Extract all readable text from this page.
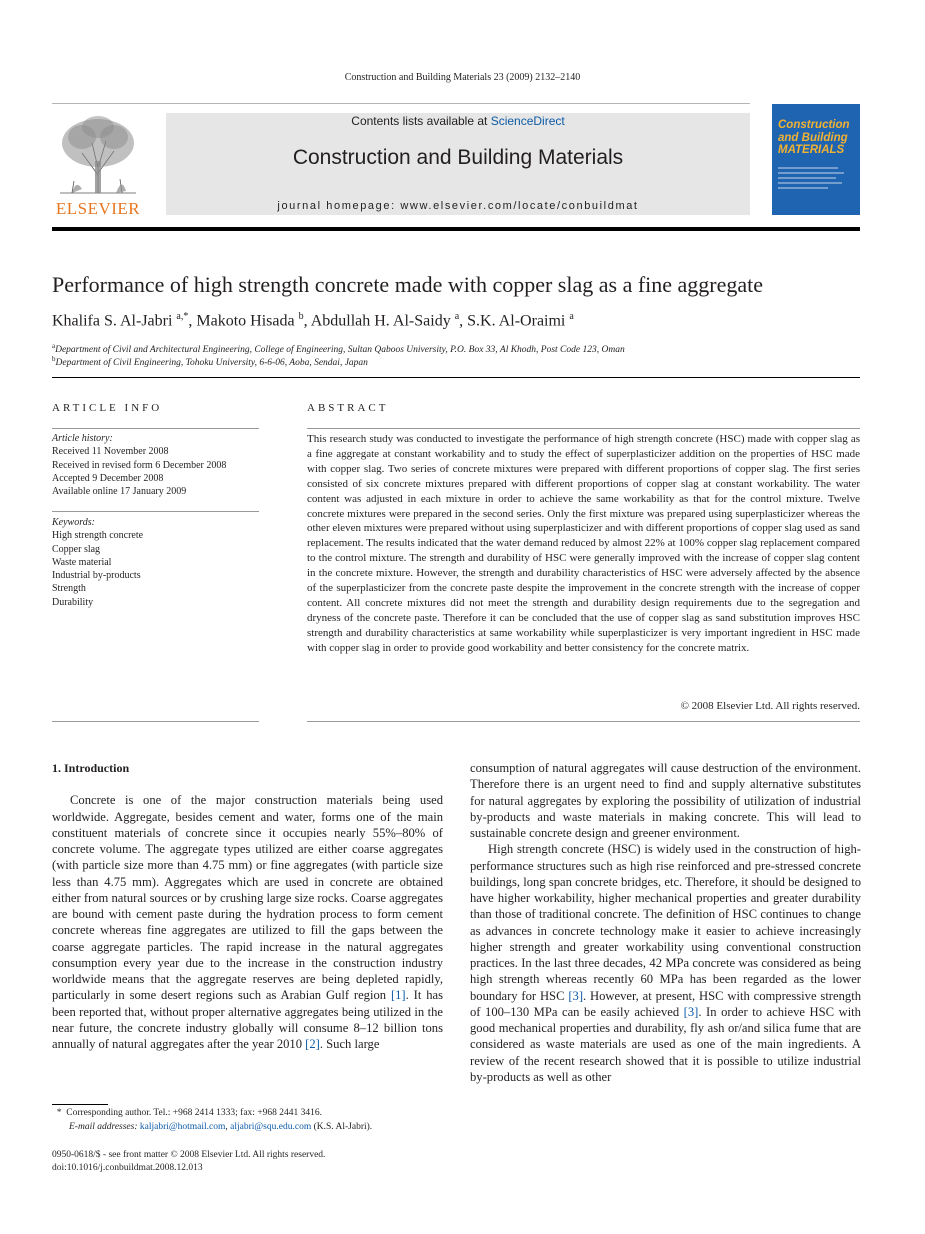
Construction and Building Materials 23 (2009) 2132–2140
ELSEVIER
Contents lists available at ScienceDirect
Construction and Building Materials
journal homepage: www.elsevier.com/locate/conbuildmat
Construction and Building MATERIALS
Performance of high strength concrete made with copper slag as a fine aggregate
Khalifa S. Al-Jabri $^{a,*}$, Makoto Hisada $^b$, Abdullah H. Al-Saidy $^a$, S.K. Al-Oraimi $^a$
$^a$Department of Civil and Architectural Engineering, College of Engineering, Sultan Qaboos University, P.O. Box 33, Al Khodh, Post Code 123, Oman
$^b$Department of Civil Engineering, Tohoku University, 6-6-06, Aoba, Sendai, Japan
ARTICLE INFO
Article history:
Received 11 November 2008
Received in revised form 6 December 2008
Accepted 9 December 2008
Available online 17 January 2009
Keywords:
High strength concrete
Copper slag
Waste material
Industrial by-products
Strength
Durability
ABSTRACT
This research study was conducted to investigate the performance of high strength concrete (HSC) made with copper slag as a fine aggregate at constant workability and to study the effect of superplasticizer addition on the properties of HSC made with copper slag. Two series of concrete mixtures were prepared with different proportions of copper slag. The first series consisted of six concrete mixtures prepared with different proportions of copper slag at constant workability. The water content was adjusted in each mixture in order to achieve the same workability as that for the control mixture. Twelve concrete mixtures were prepared in the second series. Only the first mixture was prepared using superplasticizer whereas the other eleven mixtures were prepared without using superplasticizer and with different proportions of copper slag used as sand replacement. The results indicated that the water demand reduced by almost 22% at 100% copper slag replacement compared to the control mixture. The strength and durability of HSC were generally improved with the increase of copper slag content in the concrete mixture. However, the strength and durability characteristics of HSC were adversely affected by the absence of the superplasticizer from the concrete paste despite the improvement in the concrete strength with the increase of copper content. All concrete mixtures did not meet the strength and durability design requirements due to the segregation and dryness of the concrete paste. Therefore it can be concluded that the use of copper slag as sand substitution improves HSC strength and durability characteristics at same workability while superplasticizer is very important ingredient in HSC made with copper slag in order to provide good workability and better consistency for the concrete matrix.
© 2008 Elsevier Ltd. All rights reserved.

1. Introduction

Concrete is one of the major construction materials being used worldwide. Aggregate, besides cement and water, forms one of the main constituent materials of concrete since it occupies nearly 55%–80% of concrete volume. The aggregate types utilized are either coarse aggregates (with particle size more than 4.75 mm) or fine aggregates (with particle size less than 4.75 mm). Aggregates which are used in concrete are obtained either from natural sources or by crushing large size rocks. Coarse aggregates are bound with cement paste during the hydration process to form cement concrete whereas fine aggregates are utilized to fill the gaps between the coarse aggregate particles. The rapid increase in the natural aggregates consumption every year due to the increase in the construction industry worldwide means that the aggregate reserves are being depleted rapidly, particularly in some desert regions such as Arabian Gulf region [1]. It has been reported that, without proper alternative aggregates being utilized in the near future, the concrete industry globally will consume 8–12 billion tons annually of natural aggregates after the year 2010 [2]. Such large

consumption of natural aggregates will cause destruction of the environment. Therefore there is an urgent need to find and supply alternative substitutes for natural aggregates by exploring the possibility of utilization of industrial by-products and waste materials in making concrete. This will lead to sustainable concrete design and greener environment.

High strength concrete (HSC) is widely used in the construction of high-performance structures such as high rise reinforced and pre-stressed concrete buildings, long span concrete bridges, etc. Therefore, it should be designed to have higher workability, higher mechanical properties and greater durability than those of traditional concrete. The definition of HSC continues to change as advances in concrete technology make it easier to achieve increasingly higher strength and greater workability using conventional construction practices. In the last three decades, 42 MPa concrete was considered as being high strength whereas recently 60 MPa has been regarded as the lower boundary for HSC [3]. However, at present, HSC with compressive strength of 100–130 MPa can be easily achieved [3]. In order to achieve HSC with good mechanical properties and durability, fly ash or/and silica fume that are considered as waste materials are used as one of the main ingredients. A review of the recent research showed that it is possible to utilize industrial by-products as well as other

* Corresponding author. Tel.: +968 2414 1333; fax: +968 2441 3416.
E-mail addresses: kaljabri@hotmail.com, aljabri@squ.edu.com (K.S. Al-Jabri).
0950-0618/$ - see front matter © 2008 Elsevier Ltd. All rights reserved.
doi:10.1016/j.conbuildmat.2008.12.013
